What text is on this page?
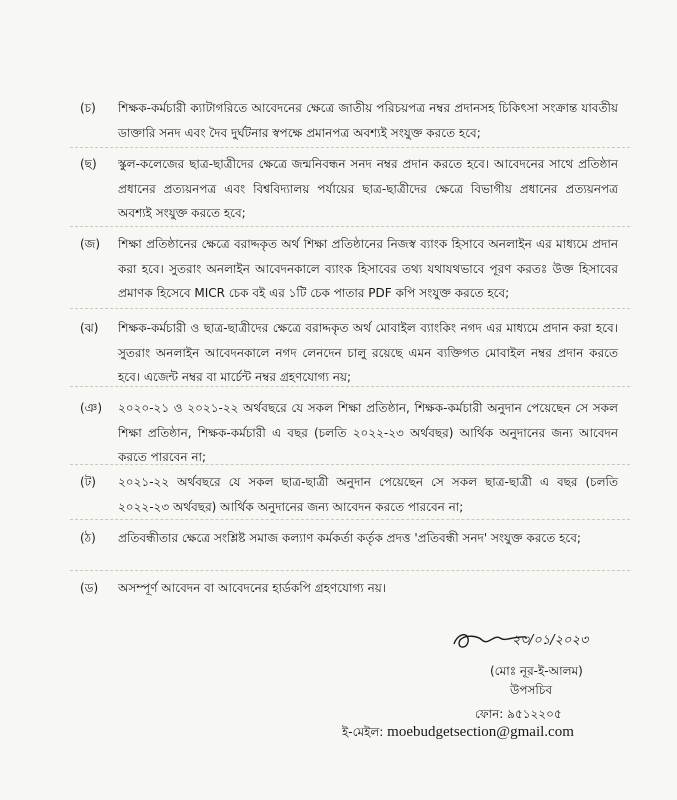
(চ) শিক্ষক-কর্মচারী ক্যাটাগরিতে আবেদনের ক্ষেত্রে জাতীয় পরিচয়পত্র নম্বর প্রদানসহ চিকিৎসা সংক্রান্ত যাবতীয় ডাক্তারি সনদ এবং দৈব দুর্ঘটনার স্বপক্ষে প্রমানপত্র অবশ্যই সংযুক্ত করতে হবে;
(ছ) স্কুল-কলেজের ছাত্র-ছাত্রীদের ক্ষেত্রে জন্মনিবন্ধন সনদ নম্বর প্রদান করতে হবে। আবেদনের সাথে প্রতিষ্ঠান প্রধানের প্রত্যয়নপত্র এবং বিশ্ববিদ্যালয় পর্যায়ের ছাত্র-ছাত্রীদের ক্ষেত্রে বিভাগীয় প্রধানের প্রত্যয়নপত্র অবশ্যই সংযুক্ত করতে হবে;
(জ) শিক্ষা প্রতিষ্ঠানের ক্ষেত্রে বরাদ্দকৃত অর্থ শিক্ষা প্রতিষ্ঠানের নিজস্ব ব্যাংক হিসাবে অনলাইন এর মাধ্যমে প্রদান করা হবে। সুতরাং অনলাইন আবেদনকালে ব্যাংক হিসাবের তথ্য যথাযথভাবে পূরণ করতঃ উক্ত হিসাবের প্রমাণক হিসেবে MICR চেক বই এর ১টি চেক পাতার PDF কপি সংযুক্ত করতে হবে;
(ঝ) শিক্ষক-কর্মচারী ও ছাত্র-ছাত্রীদের ক্ষেত্রে বরাদ্দকৃত অর্থ মোবাইল ব্যাংকিং নগদ এর মাধ্যমে প্রদান করা হবে। সুতরাং অনলাইন আবেদনকালে নগদ লেনদেন চালু রয়েছে এমন ব্যক্তিগত মোবাইল নম্বর প্রদান করতে হবে। এজেন্ট নম্বর বা মার্চেন্ট নম্বর গ্রহণযোগ্য নয়;
(ঞ) ২০২০-২১ ও ২০২১-২২ অর্থবছরে যে সকল শিক্ষা প্রতিষ্ঠান, শিক্ষক-কর্মচারী অনুদান পেয়েছেন সে সকল শিক্ষা প্রতিষ্ঠান, শিক্ষক-কর্মচারী এ বছর (চলতি ২০২২-২৩ অর্থবছর) আর্থিক অনুদানের জন্য আবেদন করতে পারবেন না;
(ট) ২০২১-২২ অর্থবছরে যে সকল ছাত্র-ছাত্রী অনুদান পেয়েছেন সে সকল ছাত্র-ছাত্রী এ বছর (চলতি ২০২২-২৩ অর্থবছর) আর্থিক অনুদানের জন্য আবেদন করতে পারবেন না;
(ঠ) প্রতিবন্ধীতার ক্ষেত্রে সংশ্লিষ্ট সমাজ কল্যাণ কর্মকর্তা কর্তৃক প্রদত্ত 'প্রতিবন্ধী সনদ' সংযুক্ত করতে হবে;
(ড) অসম্পূর্ণ আবেদন বা আবেদনের হার্ডকপি গ্রহণযোগ্য নয়।
২৩/০১/২০২৩
(মোঃ নূর-ই-আলম)
উপসচিব
ফোন: ৯৫১২২০৫
ই-মেইল: moebudgetsection@gmail.com
